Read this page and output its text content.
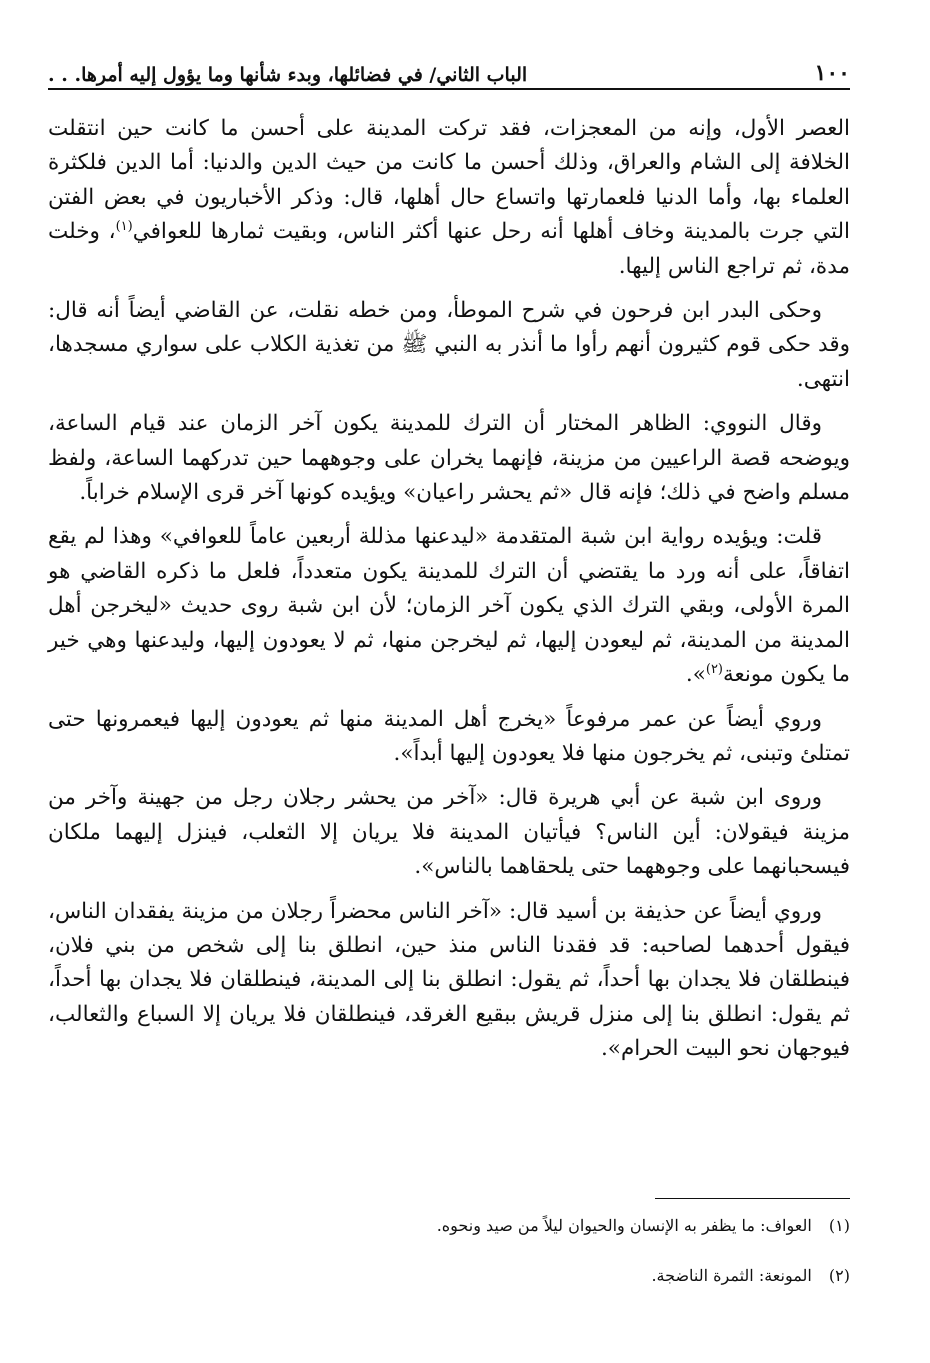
١٠٠
الباب الثاني/ في فضائلها، وبدء شأنها وما يؤول إليه أمرها. . .

العصر الأول، وإنه من المعجزات، فقد تركت المدينة على أحسن ما كانت حين انتقلت الخلافة إلى الشام والعراق، وذلك أحسن ما كانت من حيث الدين والدنيا: أما الدين فلكثرة العلماء بها، وأما الدنيا فلعمارتها واتساع حال أهلها، قال: وذكر الأخباريون في بعض الفتن التي جرت بالمدينة وخاف أهلها أنه رحل عنها أكثر الناس، وبقيت ثمارها للعوافي$^{(١)}$، وخلت مدة، ثم تراجع الناس إليها.

وحكى البدر ابن فرحون في شرح الموطأ، ومن خطه نقلت، عن القاضي أيضاً أنه قال: وقد حكى قوم كثيرون أنهم رأوا ما أنذر به النبي ﷺ من تغذية الكلاب على سواري مسجدها، انتهى.

وقال النووي: الظاهر المختار أن الترك للمدينة يكون آخر الزمان عند قيام الساعة، ويوضحه قصة الراعيين من مزينة، فإنهما يخران على وجوههما حين تدركهما الساعة، ولفظ مسلم واضح في ذلك؛ فإنه قال «ثم يحشر راعيان» ويؤيده كونها آخر قرى الإسلام خراباً.

قلت: ويؤيده رواية ابن شبة المتقدمة «ليدعنها مذللة أربعين عاماً للعوافي» وهذا لم يقع اتفاقاً، على أنه ورد ما يقتضي أن الترك للمدينة يكون متعدداً، فلعل ما ذكره القاضي هو المرة الأولى، وبقي الترك الذي يكون آخر الزمان؛ لأن ابن شبة روى حديث «ليخرجن أهل المدينة من المدينة، ثم ليعودن إليها، ثم ليخرجن منها، ثم لا يعودون إليها، وليدعنها وهي خير ما يكون مونعة$^{(٢)}$».

وروي أيضاً عن عمر مرفوعاً «يخرج أهل المدينة منها ثم يعودون إليها فيعمرونها حتى تمتلئ وتبنى، ثم يخرجون منها فلا يعودون إليها أبداً».

وروى ابن شبة عن أبي هريرة قال: «آخر من يحشر رجلان رجل من جهينة وآخر من مزينة فيقولان: أين الناس؟ فيأتيان المدينة فلا يريان إلا الثعلب، فينزل إليهما ملكان فيسحبانهما على وجوههما حتى يلحقاهما بالناس».

وروي أيضاً عن حذيفة بن أسيد قال: «آخر الناس محضراً رجلان من مزينة يفقدان الناس، فيقول أحدهما لصاحبه: قد فقدنا الناس منذ حين، انطلق بنا إلى شخص من بني فلان، فينطلقان فلا يجدان بها أحداً، ثم يقول: انطلق بنا إلى المدينة، فينطلقان فلا يجدان بها أحداً، ثم يقول: انطلق بنا إلى منزل قريش ببقيع الغرقد، فينطلقان فلا يريان إلا السباع والثعالب، فيوجهان نحو البيت الحرام».

(١) العواف: ما يظفر به الإنسان والحيوان ليلاً من صيد ونحوه.
(٢) المونعة: الثمرة الناضجة.
